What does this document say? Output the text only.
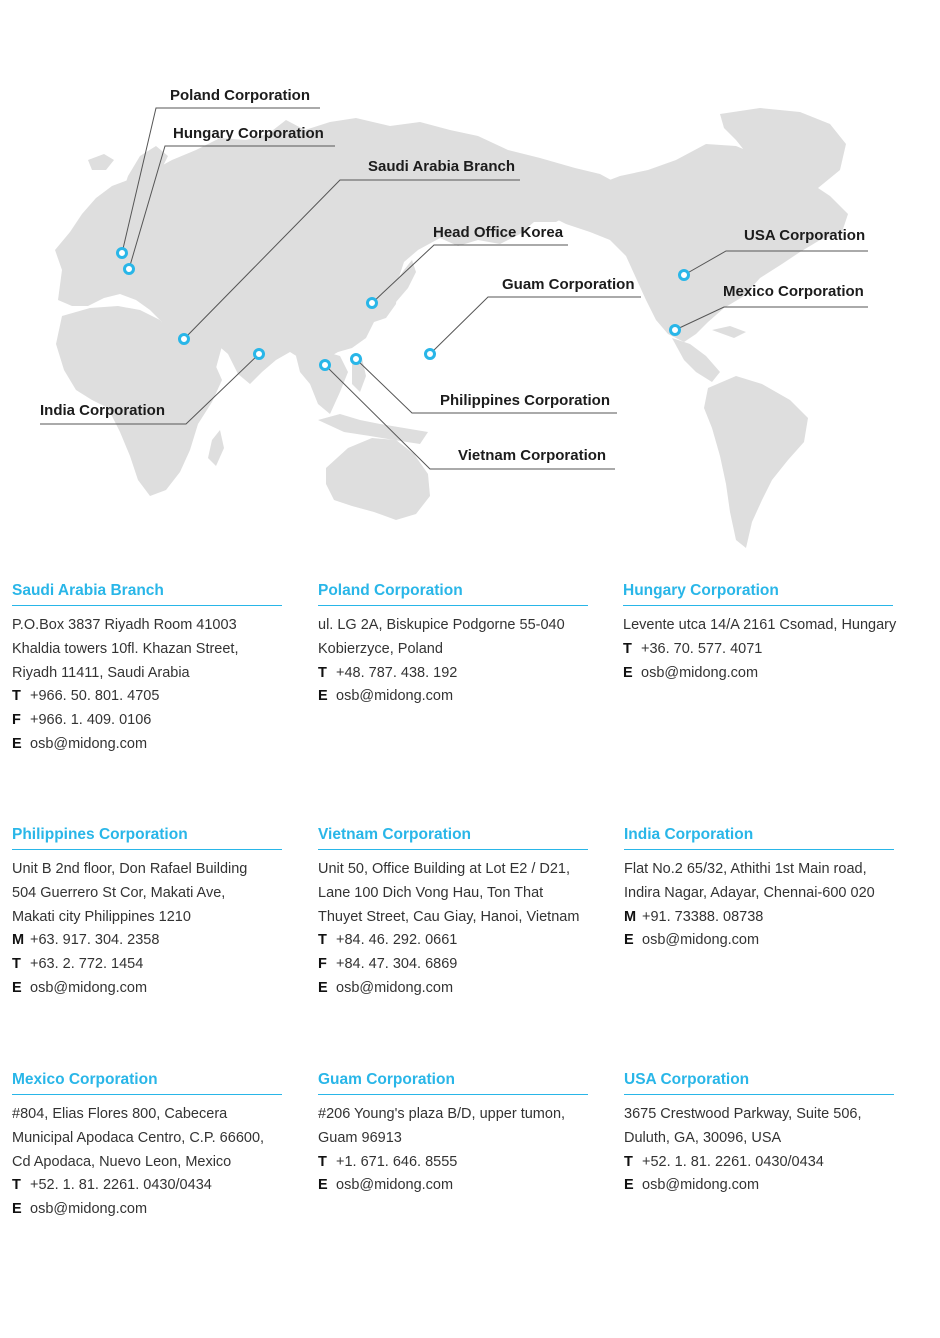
Poland Corporation
Hungary Corporation
Saudi Arabia Branch
Head Office Korea
Guam Corporation
USA Corporation
Mexico Corporation
Philippines Corporation
Vietnam Corporation
India Corporation
Saudi Arabia Branch
P.O.Box 3837 Riyadh Room 41003
Khaldia towers 10fl. Khazan Street,
Riyadh 11411, Saudi Arabia
T +966. 50. 801. 4705
F +966. 1. 409. 0106
E osb@midong.com
Poland Corporation
ul. LG 2A, Biskupice Podgorne 55-040
Kobierzyce, Poland
T +48. 787. 438. 192
E osb@midong.com
Hungary Corporation
Levente utca 14/A 2161 Csomad, Hungary
T +36. 70. 577. 4071
E osb@midong.com
Philippines Corporation
Unit B 2nd floor, Don Rafael Building
504 Guerrero St Cor, Makati Ave,
Makati city Philippines 1210
M +63. 917. 304. 2358
T +63. 2. 772. 1454
E osb@midong.com
Vietnam Corporation
Unit 50, Office Building at Lot E2 / D21,
Lane 100 Dich Vong Hau, Ton That
Thuyet Street, Cau Giay, Hanoi, Vietnam
T +84. 46. 292. 0661
F +84. 47. 304. 6869
E osb@midong.com
India Corporation
Flat No.2 65/32, Athithi 1st Main road,
Indira Nagar, Adayar, Chennai-600 020
M +91. 73388. 08738
E osb@midong.com
Mexico Corporation
#804, Elias Flores 800, Cabecera
Municipal Apodaca Centro, C.P. 66600,
Cd Apodaca, Nuevo Leon, Mexico
T +52. 1. 81. 2261. 0430/0434
E osb@midong.com
Guam Corporation
#206 Young's plaza B/D, upper tumon,
Guam 96913
T +1. 671. 646. 8555
E osb@midong.com
USA Corporation
3675 Crestwood Parkway, Suite 506,
Duluth, GA, 30096, USA
T +52. 1. 81. 2261. 0430/0434
E osb@midong.com
